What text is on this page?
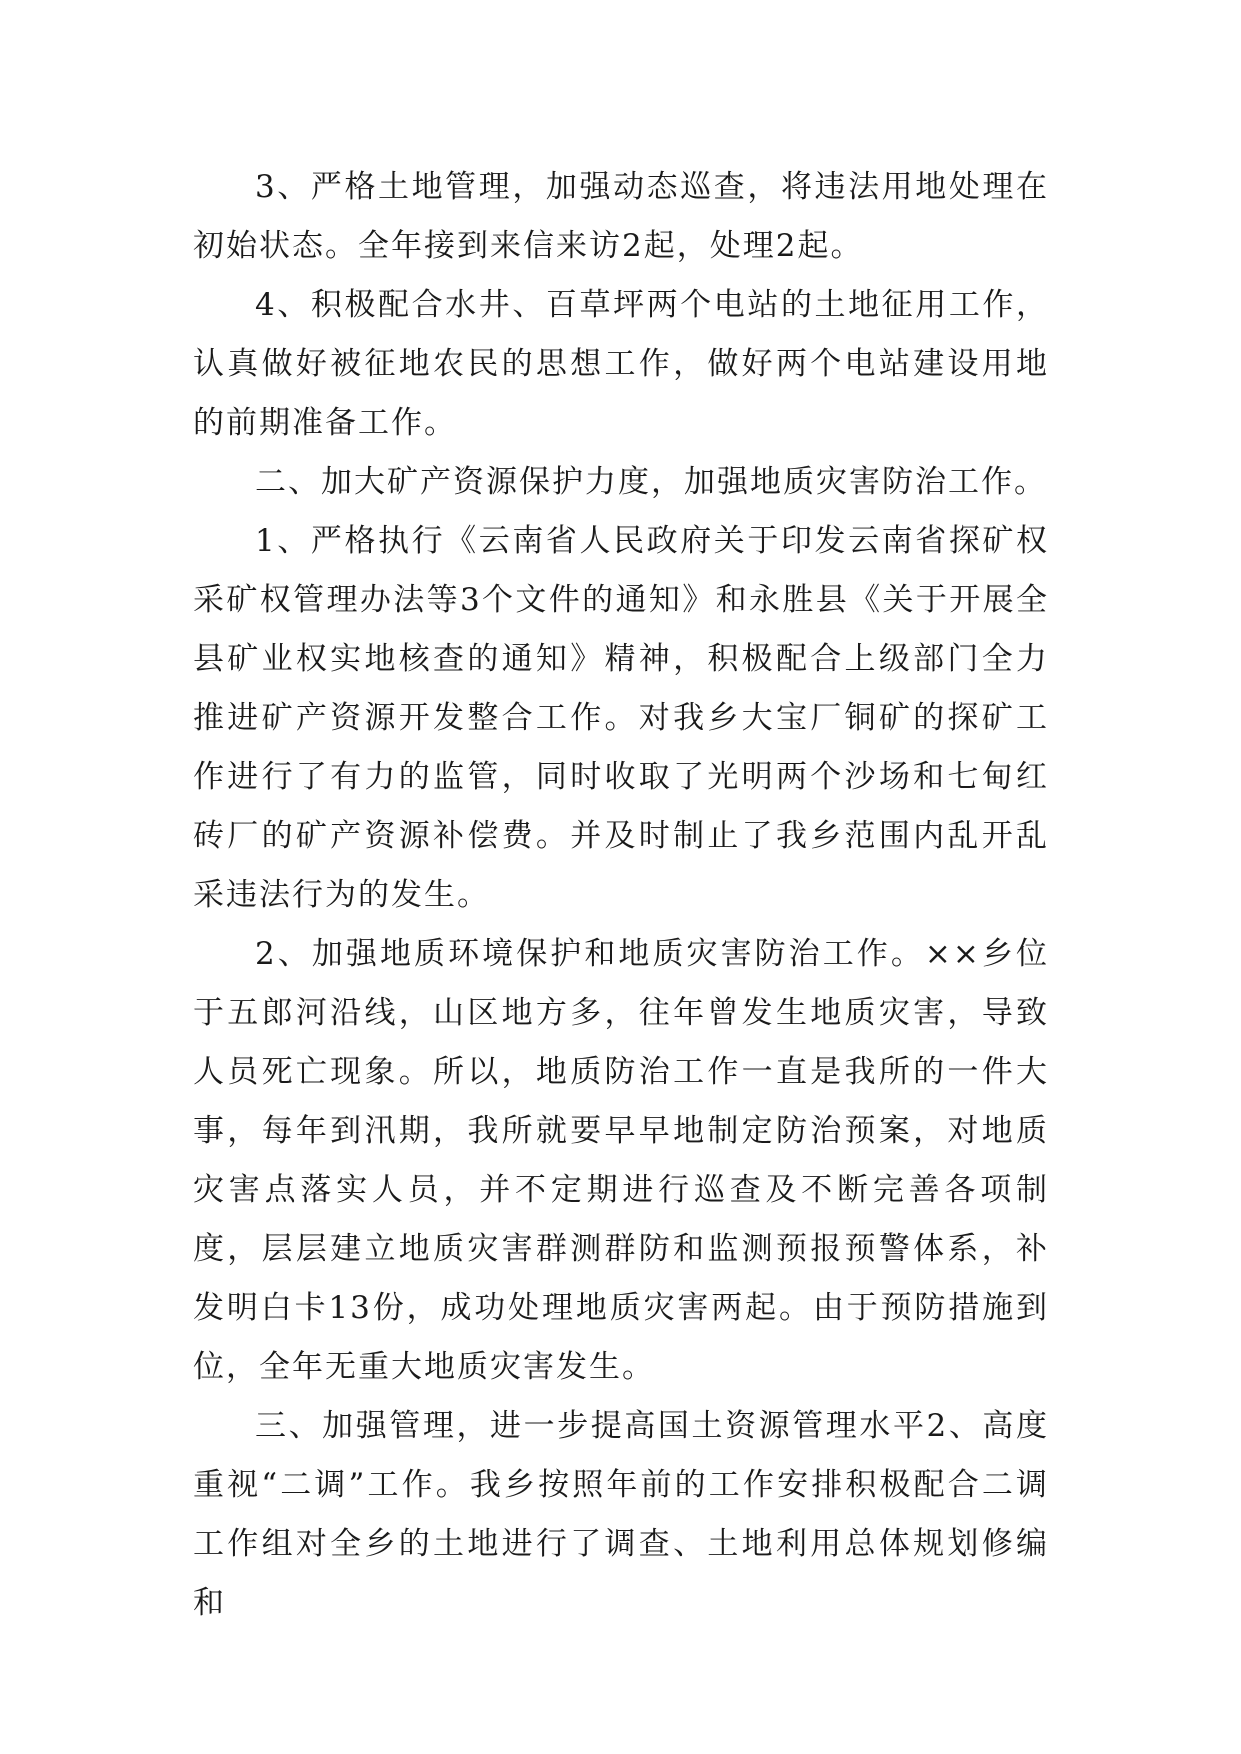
3、严格土地管理，加强动态巡查，将违法用地处理在初始状态。全年接到来信来访2起，处理2起。

4、积极配合水井、百草坪两个电站的土地征用工作，认真做好被征地农民的思想工作，做好两个电站建设用地的前期准备工作。

二、加大矿产资源保护力度，加强地质灾害防治工作。

1、严格执行《云南省人民政府关于印发云南省探矿权采矿权管理办法等3个文件的通知》和永胜县《关于开展全县矿业权实地核查的通知》精神，积极配合上级部门全力推进矿产资源开发整合工作。对我乡大宝厂铜矿的探矿工作进行了有力的监管，同时收取了光明两个沙场和七甸红砖厂的矿产资源补偿费。并及时制止了我乡范围内乱开乱采违法行为的发生。

2、加强地质环境保护和地质灾害防治工作。××乡位于五郎河沿线，山区地方多，往年曾发生地质灾害，导致人员死亡现象。所以，地质防治工作一直是我所的一件大事，每年到汛期，我所就要早早地制定防治预案，对地质灾害点落实人员，并不定期进行巡查及不断完善各项制度，层层建立地质灾害群测群防和监测预报预警体系，补发明白卡13份，成功处理地质灾害两起。由于预防措施到位，全年无重大地质灾害发生。

三、加强管理，进一步提高国土资源管理水平2、高度重视“二调”工作。我乡按照年前的工作安排积极配合二调工作组对全乡的土地进行了调查、土地利用总体规划修编和
